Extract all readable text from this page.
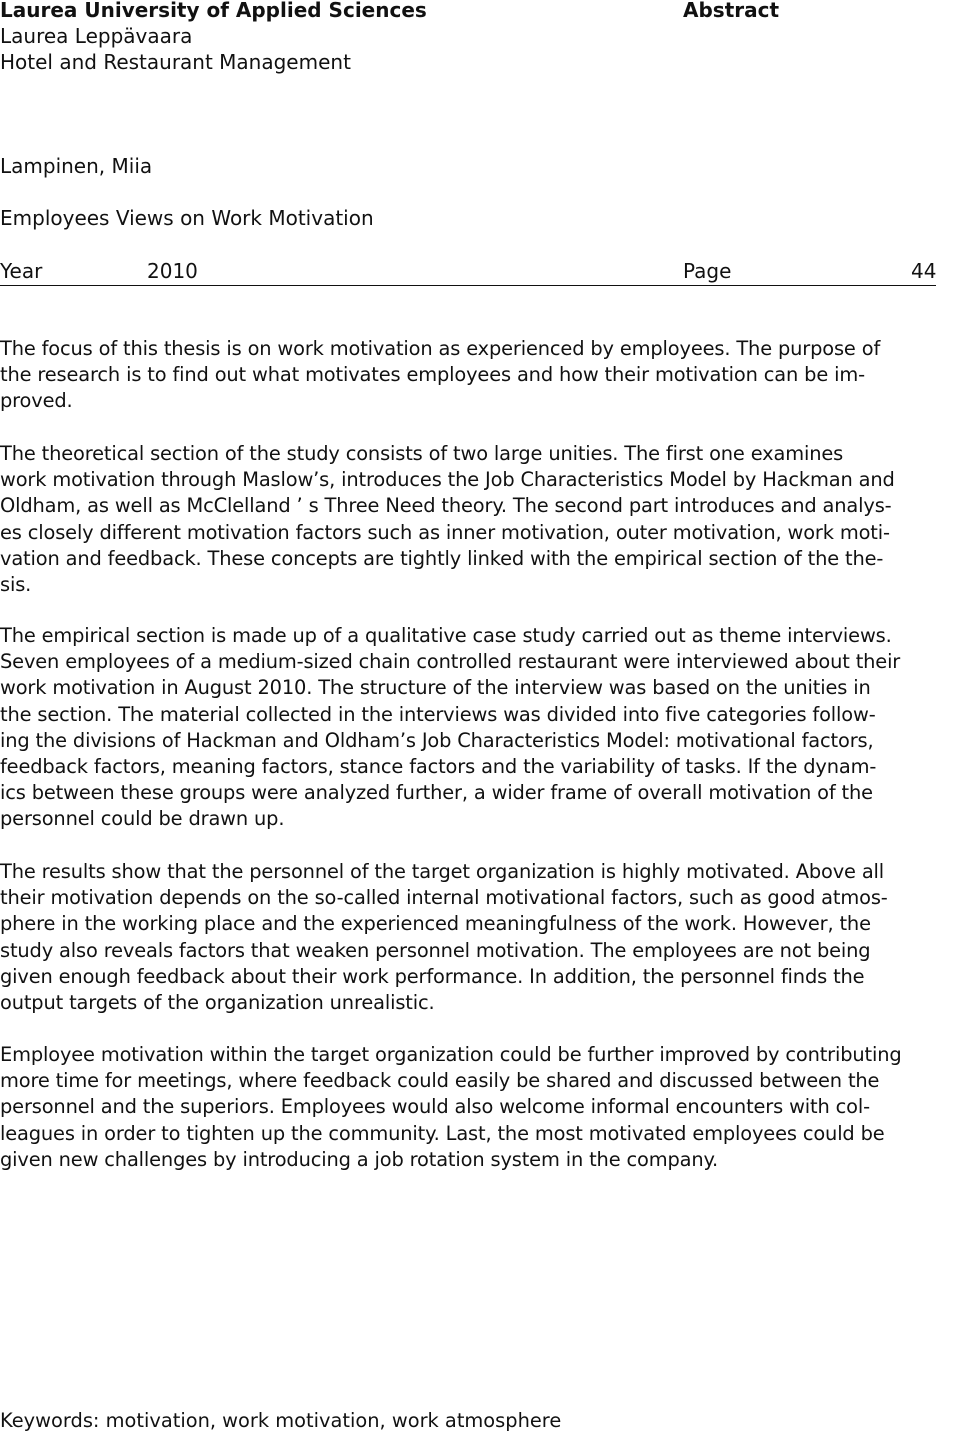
Laurea University of Applied Sciences	Abstract
Laurea Leppävaara
Hotel and Restaurant Management
Lampinen, Miia
Employees Views on Work Motivation
Year	2010	Page	44
The focus of this thesis is on work motivation as experienced by employees. The purpose of
the research is to find out what motivates employees and how their motivation can be im-
proved.
The theoretical section of the study consists of two large unities. The first one examines
work motivation through Maslow’s, introduces the Job Characteristics Model by Hackman and
Oldham, as well as McClelland ’ s Three Need theory. The second part introduces and analys-
es closely different motivation factors such as inner motivation, outer motivation, work moti-
vation and feedback. These concepts are tightly linked with the empirical section of the the-
sis.
The empirical section is made up of a qualitative case study carried out as theme interviews.
Seven employees of a medium-sized chain controlled restaurant were interviewed about their
work motivation in August 2010. The structure of the interview was based on the unities in
the section. The material collected in the interviews was divided into five categories follow-
ing the divisions of Hackman and Oldham’s Job Characteristics Model: motivational factors,
feedback factors, meaning factors, stance factors and the variability of tasks. If the dynam-
ics between these groups were analyzed further, a wider frame of overall motivation of the
personnel could be drawn up.
The results show that the personnel of the target organization is highly motivated. Above all
their motivation depends on the so-called internal motivational factors, such as good atmos-
phere in the working place and the experienced meaningfulness of the work. However, the
study also reveals factors that weaken personnel motivation. The employees are not being
given enough feedback about their work performance. In addition, the personnel finds the
output targets of the organization unrealistic.
Employee motivation within the target organization could be further improved by contributing
more time for meetings, where feedback could easily be shared and discussed between the
personnel and the superiors. Employees would also welcome informal encounters with col-
leagues in order to tighten up the community. Last, the most motivated employees could be
given new challenges by introducing a job rotation system in the company.
Keywords: motivation, work motivation, work atmosphere
